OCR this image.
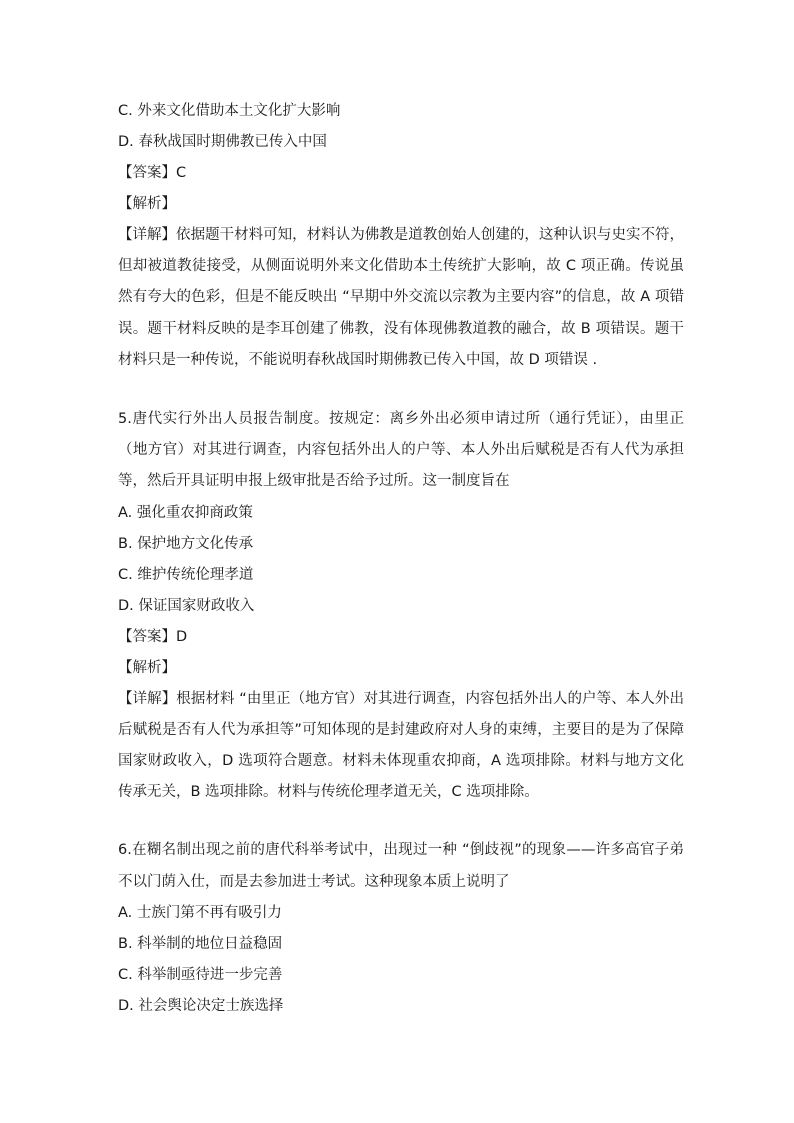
C. 外来文化借助本土文化扩大影响

D. 春秋战国时期佛教已传入中国

【答案】C

【解析】

【详解】依据题干材料可知，材料认为佛教是道教创始人创建的，这种认识与史实不符，但却被道教徒接受，从侧面说明外来文化借助本土传统扩大影响，故 C 项正确。传说虽然有夸大的色彩，但是不能反映出 “早期中外交流以宗教为主要内容”的信息，故 A 项错误。题干材料反映的是李耳创建了佛教，没有体现佛教道教的融合，故 B 项错误。题干材料只是一种传说，不能说明春秋战国时期佛教已传入中国，故 D 项错误 .

5.唐代实行外出人员报告制度。按规定：离乡外出必须申请过所（通行凭证），由里正（地方官）对其进行调查，内容包括外出人的户等、本人外出后赋税是否有人代为承担等，然后开具证明申报上级审批是否给予过所。这一制度旨在

A. 强化重农抑商政策

B. 保护地方文化传承

C. 维护传统伦理孝道

D. 保证国家财政收入

【答案】D

【解析】

【详解】根据材料 “由里正（地方官）对其进行调查，内容包括外出人的户等、本人外出后赋税是否有人代为承担等”可知体现的是封建政府对人身的束缚，主要目的是为了保障国家财政收入，D 选项符合题意。材料未体现重农抑商，A 选项排除。材料与地方文化传承无关，B 选项排除。材料与传统伦理孝道无关，C 选项排除。

6.在糊名制出现之前的唐代科举考试中，出现过一种 “倒歧视”的现象——许多高官子弟不以门荫入仕，而是去参加进士考试。这种现象本质上说明了

A. 士族门第不再有吸引力

B. 科举制的地位日益稳固

C. 科举制亟待进一步完善

D. 社会舆论决定士族选择
